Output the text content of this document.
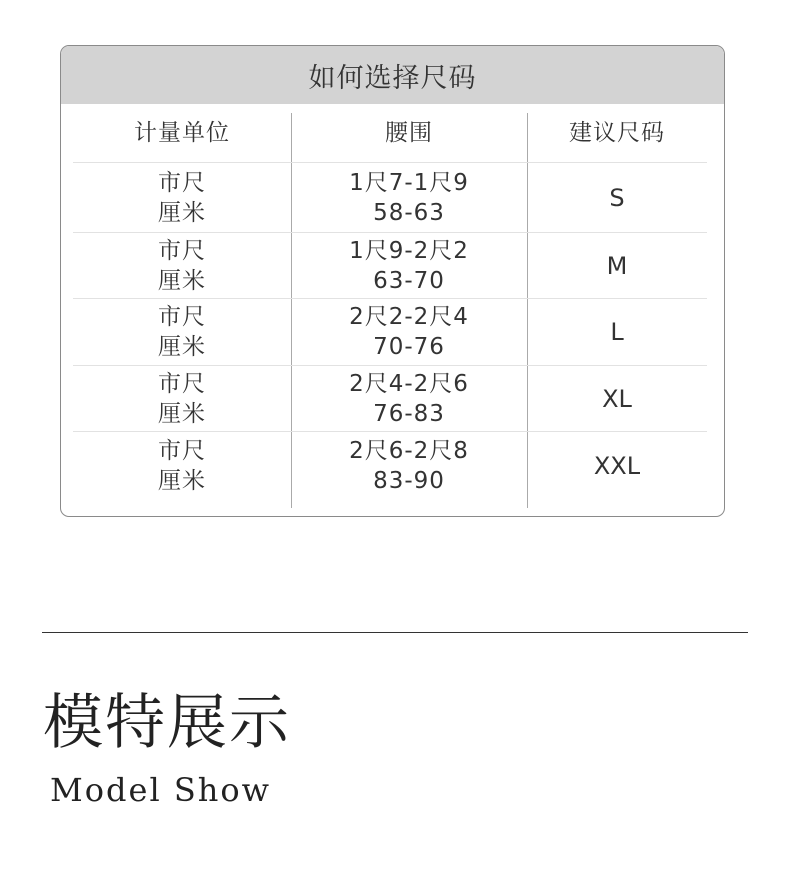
如何选择尺码
计量单位	腰围	建议尺码
市尺
厘米
1尺7-1尺9
58-63
S
市尺
厘米
1尺9-2尺2
63-70
M
市尺
厘米
2尺2-2尺4
70-76
L
市尺
厘米
2尺4-2尺6
76-83
XL
市尺
厘米
2尺6-2尺8
83-90
XXL
模特展示
Model Show
